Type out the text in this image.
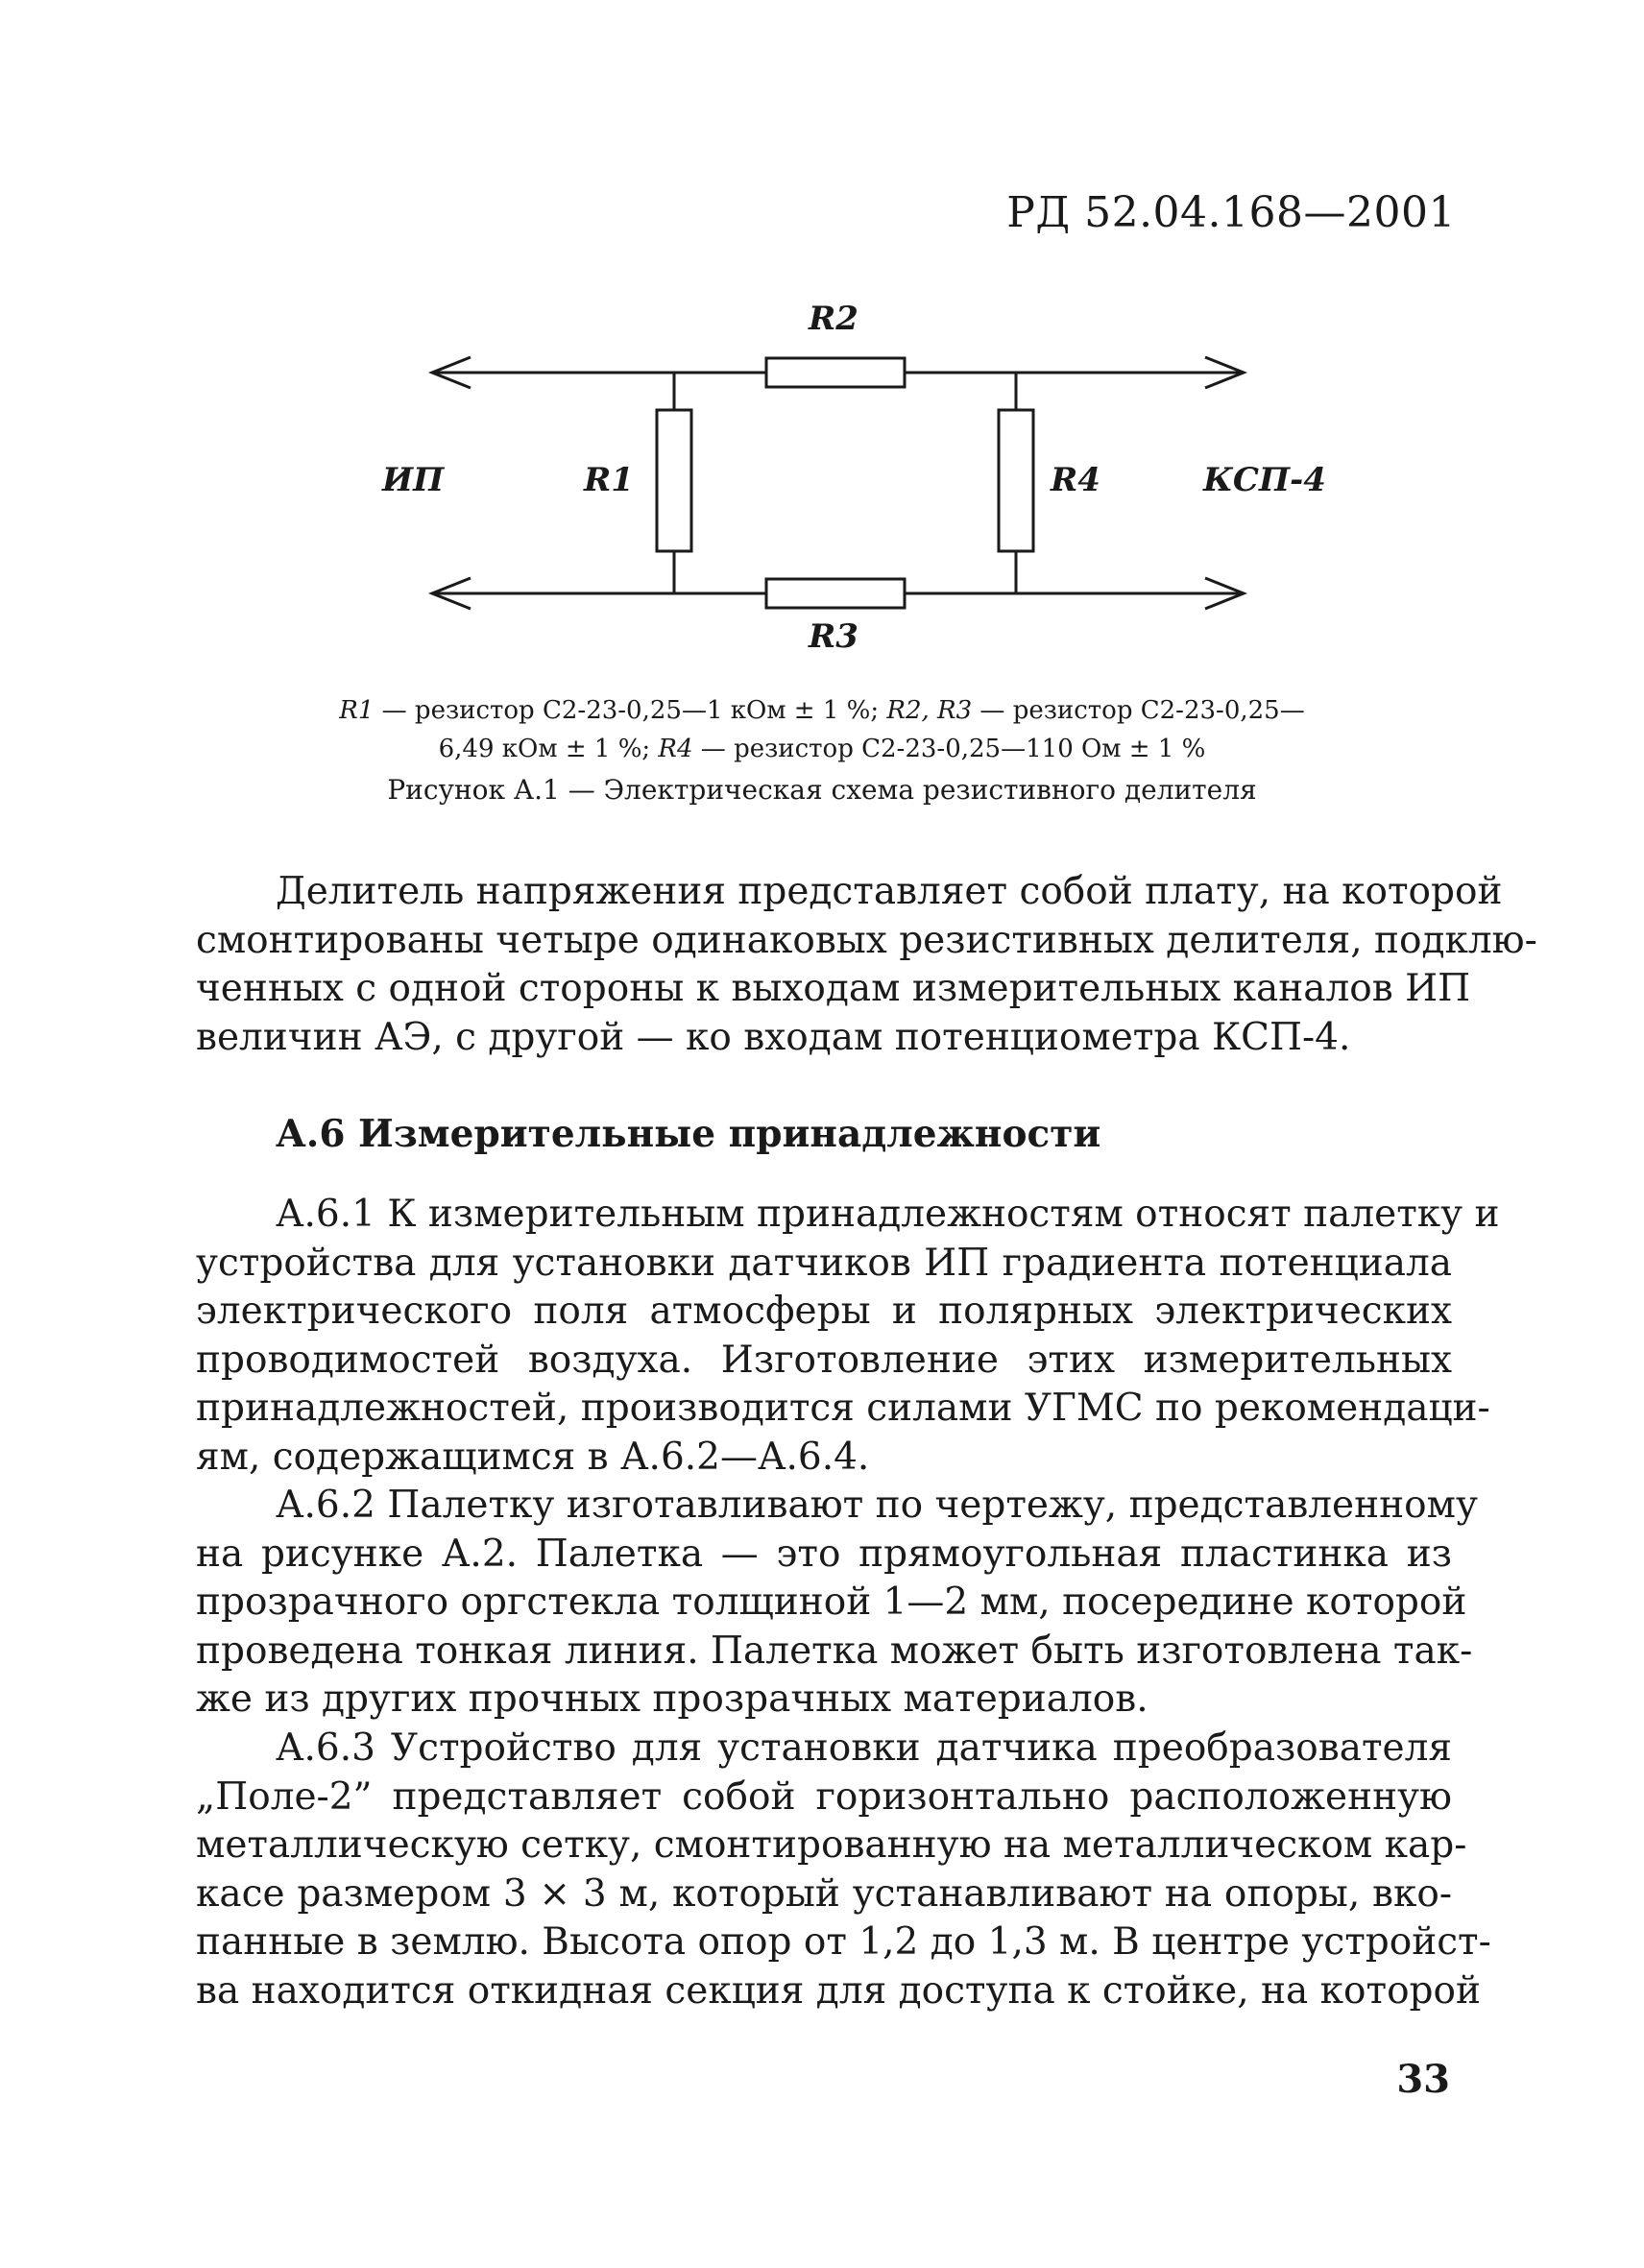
РД 52.04.168—2001
R2
R3
R1	R4
ИП	КСП-4
R1 — резистор С2-23-0,25—1 кОм ± 1 %; R2, R3 — резистор С2-23-0,25—
6,49 кОм ± 1 %; R4 — резистор С2-23-0,25—110 Ом ± 1 %
Рисунок А.1 — Электрическая схема резистивного делителя
Делитель напряжения представляет собой плату, на которой
смонтированы четыре одинаковых резистивных делителя, подклю-
ченных с одной стороны к выходам измерительных каналов ИП
величин АЭ, с другой — ко входам потенциометра КСП-4.
А.6 Измерительные принадлежности
А.6.1 К измерительным принадлежностям относят палетку и
устройства для установки датчиков ИП градиента потенциала
электрического поля атмосферы и полярных электрических
проводимостей воздуха. Изготовление этих измерительных
принадлежностей, производится силами УГМС по рекомендаци-
ям, содержащимся в А.6.2—А.6.4.
А.6.2 Палетку изготавливают по чертежу, представленному
на рисунке А.2. Палетка — это прямоугольная пластинка из
прозрачного оргстекла толщиной 1—2 мм, посередине которой
проведена тонкая линия. Палетка может быть изготовлена так-
же из других прочных прозрачных материалов.
А.6.3 Устройство для установки датчика преобразователя
„Поле-2” представляет собой горизонтально расположенную
металлическую сетку, смонтированную на металлическом кар-
касе размером 3 × 3 м, который устанавливают на опоры, вко-
панные в землю. Высота опор от 1,2 до 1,3 м. В центре устройст-
ва находится откидная секция для доступа к стойке, на которой
33
